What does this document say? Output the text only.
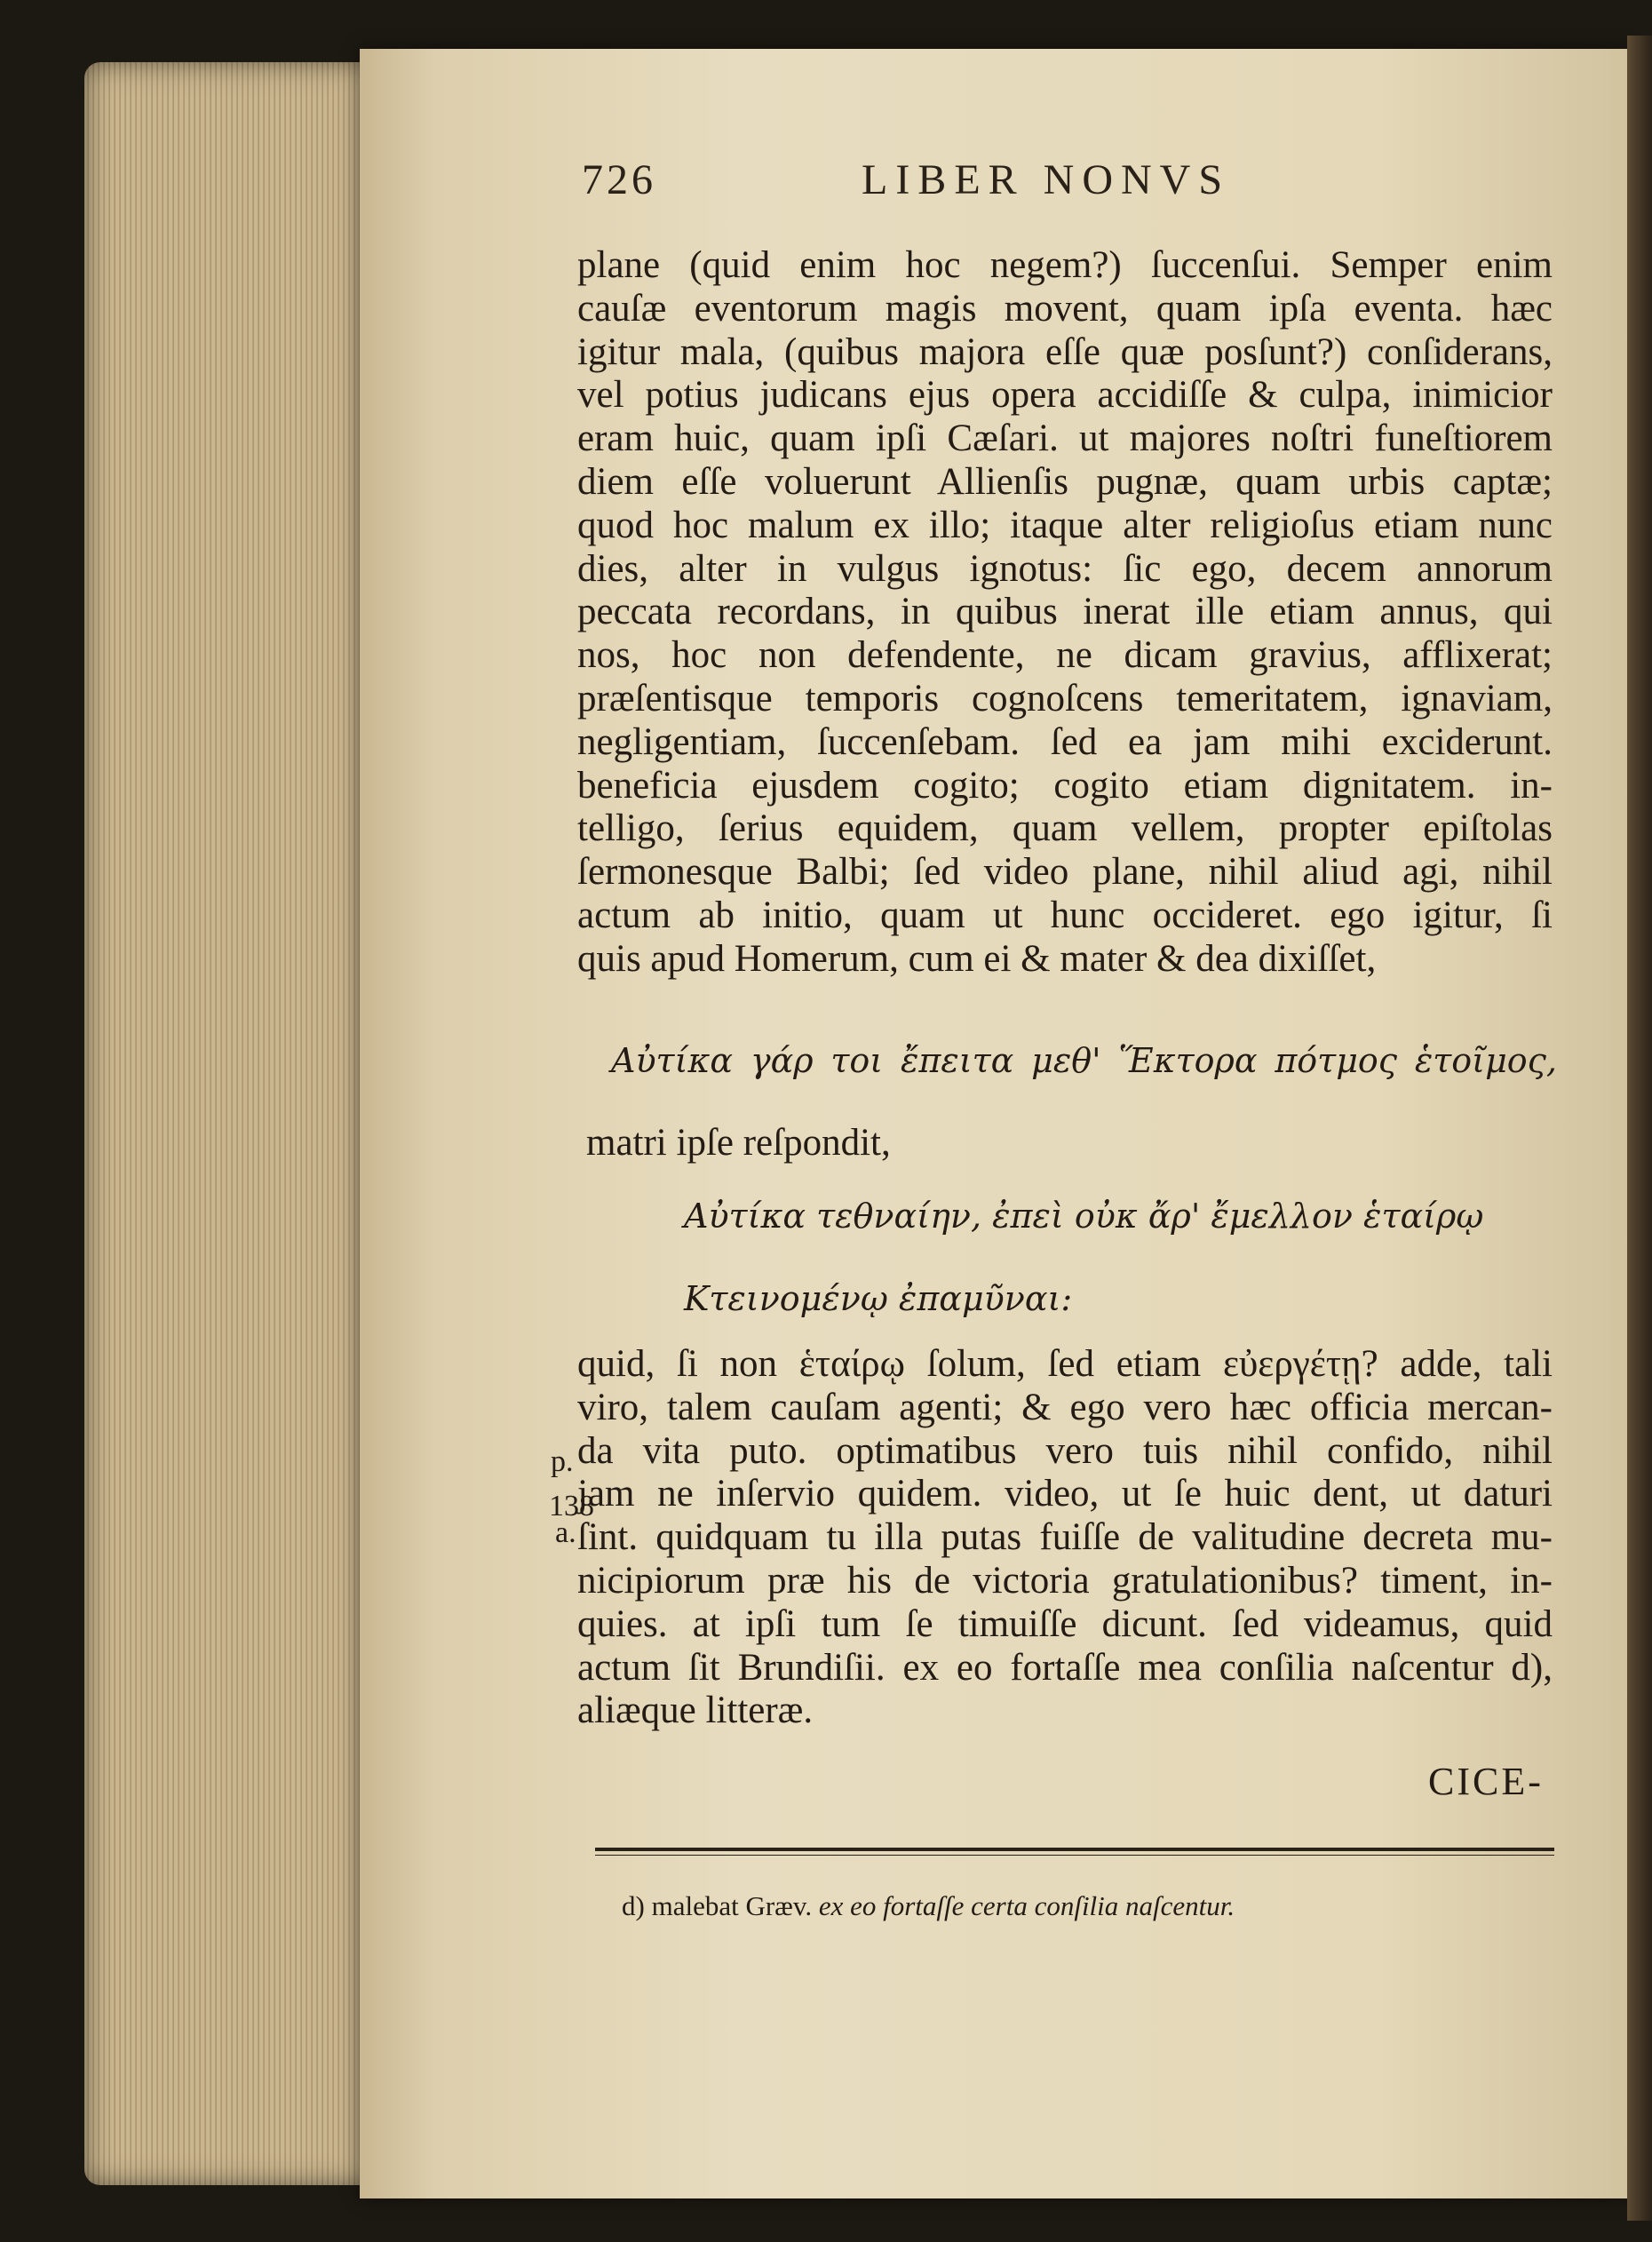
726	LIBER NONVS
plane (quid enim hoc negem?) ſuccenſui. Semper enim
cauſæ eventorum magis movent, quam ipſa eventa. hæc
igitur mala, (quibus majora eſſe quæ posſunt?) conſiderans,
vel potius judicans ejus opera accidiſſe & culpa, inimicior
eram huic, quam ipſi Cæſari. ut majores noſtri funeſtiorem
diem eſſe voluerunt Allienſis pugnæ, quam urbis captæ;
quod hoc malum ex illo; itaque alter religioſus etiam nunc
dies, alter in vulgus ignotus: ſic ego, decem annorum
peccata recordans, in quibus inerat ille etiam annus, qui
nos, hoc non defendente, ne dicam gravius, afflixerat;
præſentisque temporis cognoſcens temeritatem, ignaviam,
negligentiam, ſuccenſebam. ſed ea jam mihi exciderunt.
beneficia ejusdem cogito; cogito etiam dignitatem. in-
telligo, ſerius equidem, quam vellem, propter epiſtolas
ſermonesque Balbi; ſed video plane, nihil aliud agi, nihil
actum ab initio, quam ut hunc occideret. ego igitur, ſi
quis apud Homerum, cum ei & mater & dea dixiſſet,
Αὐτίκα γάρ τοι ἔπειτα μεθ' Ἕκτορα πότμος ἑτοῖμος,
matri ipſe reſpondit,
Αὐτίκα τεθναίην, ἐπεὶ οὐκ ἄρ' ἔμελλον ἑταίρῳ
Κτεινομένῳ ἐπαμῦναι:
quid, ſi non ἑταίρῳ ſolum, ſed etiam εὐεργέτῃ? adde, tali
viro, talem cauſam agenti; & ego vero hæc officia mercan-
da vita puto. optimatibus vero tuis nihil confido, nihil
jam ne inſervio quidem. video, ut ſe huic dent, ut daturi
ſint. quidquam tu illa putas fuiſſe de valitudine decreta mu-
nicipiorum præ his de victoria gratulationibus? timent, in-
quies. at ipſi tum ſe timuiſſe dicunt. ſed videamus, quid
actum ſit Brundiſii. ex eo fortaſſe mea conſilia naſcentur d),
aliæque litteræ.
p.
138
a.
CICE-
d) malebat Græv. ex eo fortaſſe certa conſilia naſcentur.
